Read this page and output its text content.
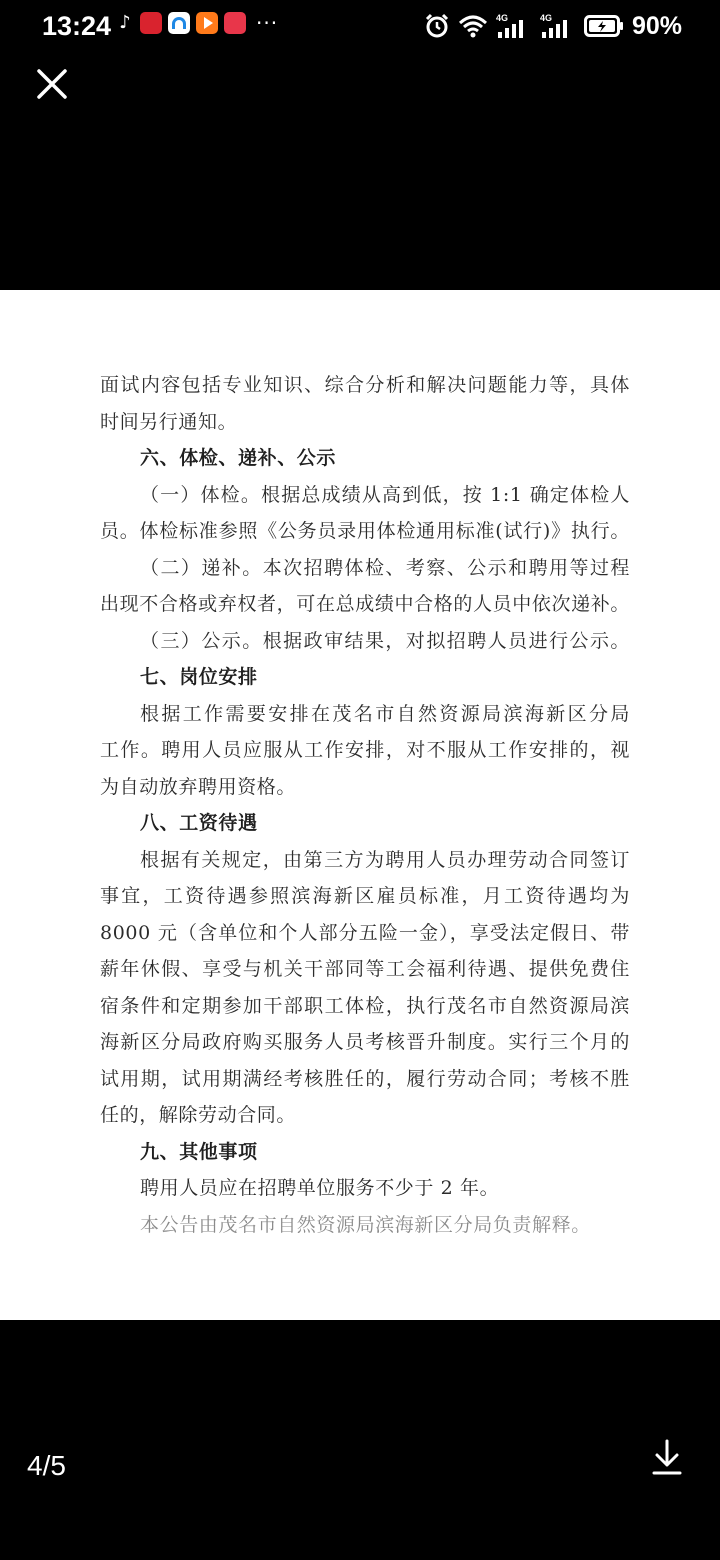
13:24 ♪	···	4G	4G	90%
面试内容包括专业知识、综合分析和解决问题能力等，具体
时间另行通知。
六、体检、递补、公示
（一）体检。根据总成绩从高到低，按 1:1 确定体检人
员。体检标准参照《公务员录用体检通用标准(试行)》执行。
（二）递补。本次招聘体检、考察、公示和聘用等过程
出现不合格或弃权者，可在总成绩中合格的人员中依次递补。
（三）公示。根据政审结果，对拟招聘人员进行公示。
七、岗位安排
根据工作需要安排在茂名市自然资源局滨海新区分局
工作。聘用人员应服从工作安排，对不服从工作安排的，视
为自动放弃聘用资格。
八、工资待遇
根据有关规定，由第三方为聘用人员办理劳动合同签订
事宜，工资待遇参照滨海新区雇员标准，月工资待遇均为
8000 元（含单位和个人部分五险一金），享受法定假日、带
薪年休假、享受与机关干部同等工会福利待遇、提供免费住
宿条件和定期参加干部职工体检，执行茂名市自然资源局滨
海新区分局政府购买服务人员考核晋升制度。实行三个月的
试用期，试用期满经考核胜任的，履行劳动合同；考核不胜
任的，解除劳动合同。
九、其他事项
聘用人员应在招聘单位服务不少于 2 年。
本公告由茂名市自然资源局滨海新区分局负责解释。
4/5
